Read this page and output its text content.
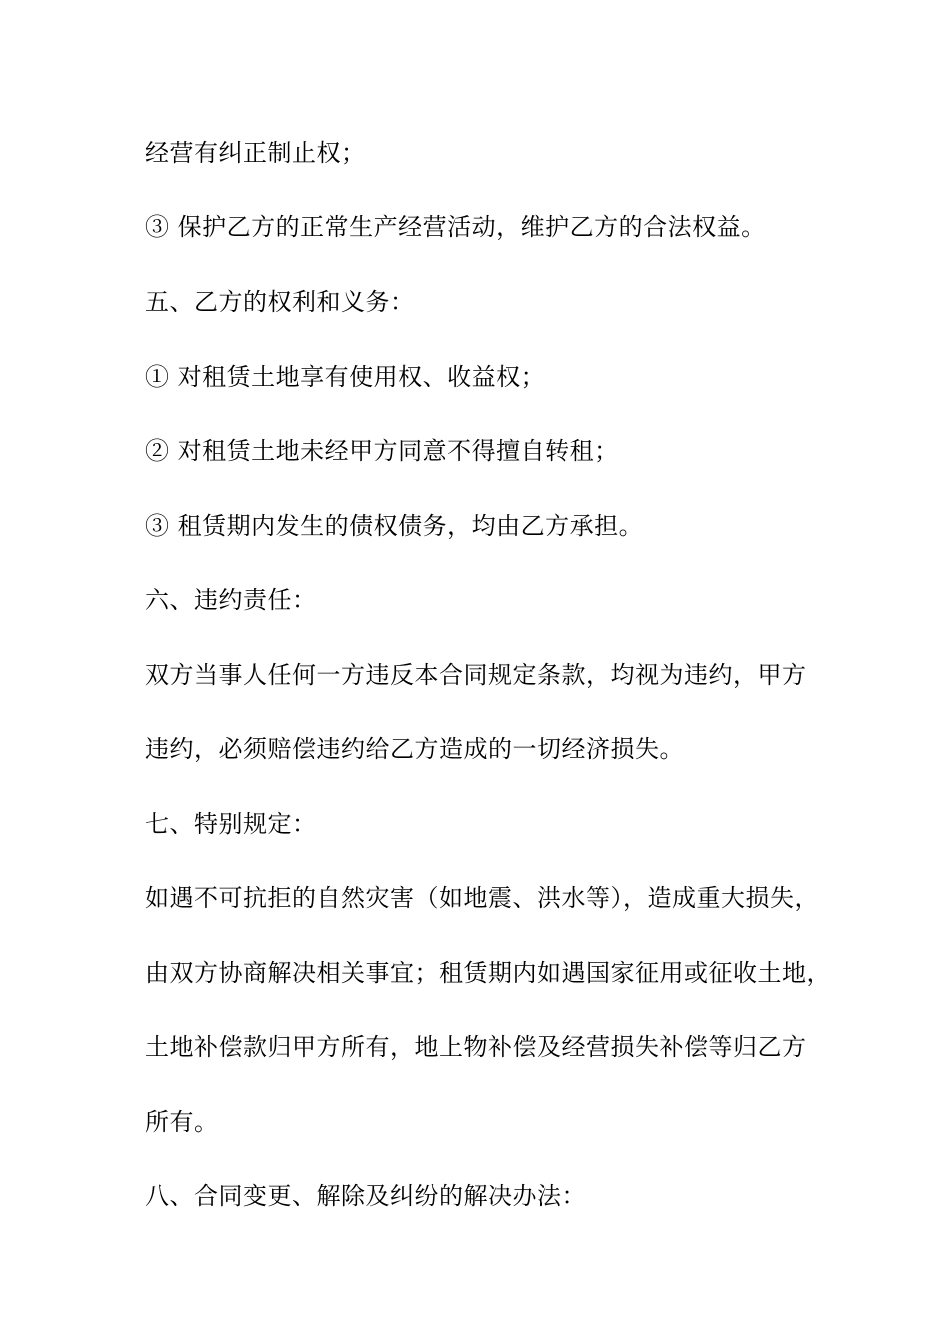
经营有纠正制止权；
③ 保护乙方的正常生产经营活动，维护乙方的合法权益。
五、乙方的权利和义务：
① 对租赁土地享有使用权、收益权；
② 对租赁土地未经甲方同意不得擅自转租；
③ 租赁期内发生的债权债务，均由乙方承担。
六、违约责任：
双方当事人任何一方违反本合同规定条款，均视为违约，甲方
违约，必须赔偿违约给乙方造成的一切经济损失。
七、特别规定：
如遇不可抗拒的自然灾害（如地震、洪水等），造成重大损失，
由双方协商解决相关事宜；租赁期内如遇国家征用或征收土地，
土地补偿款归甲方所有，地上物补偿及经营损失补偿等归乙方
所有。
八、合同变更、解除及纠纷的解决办法：
